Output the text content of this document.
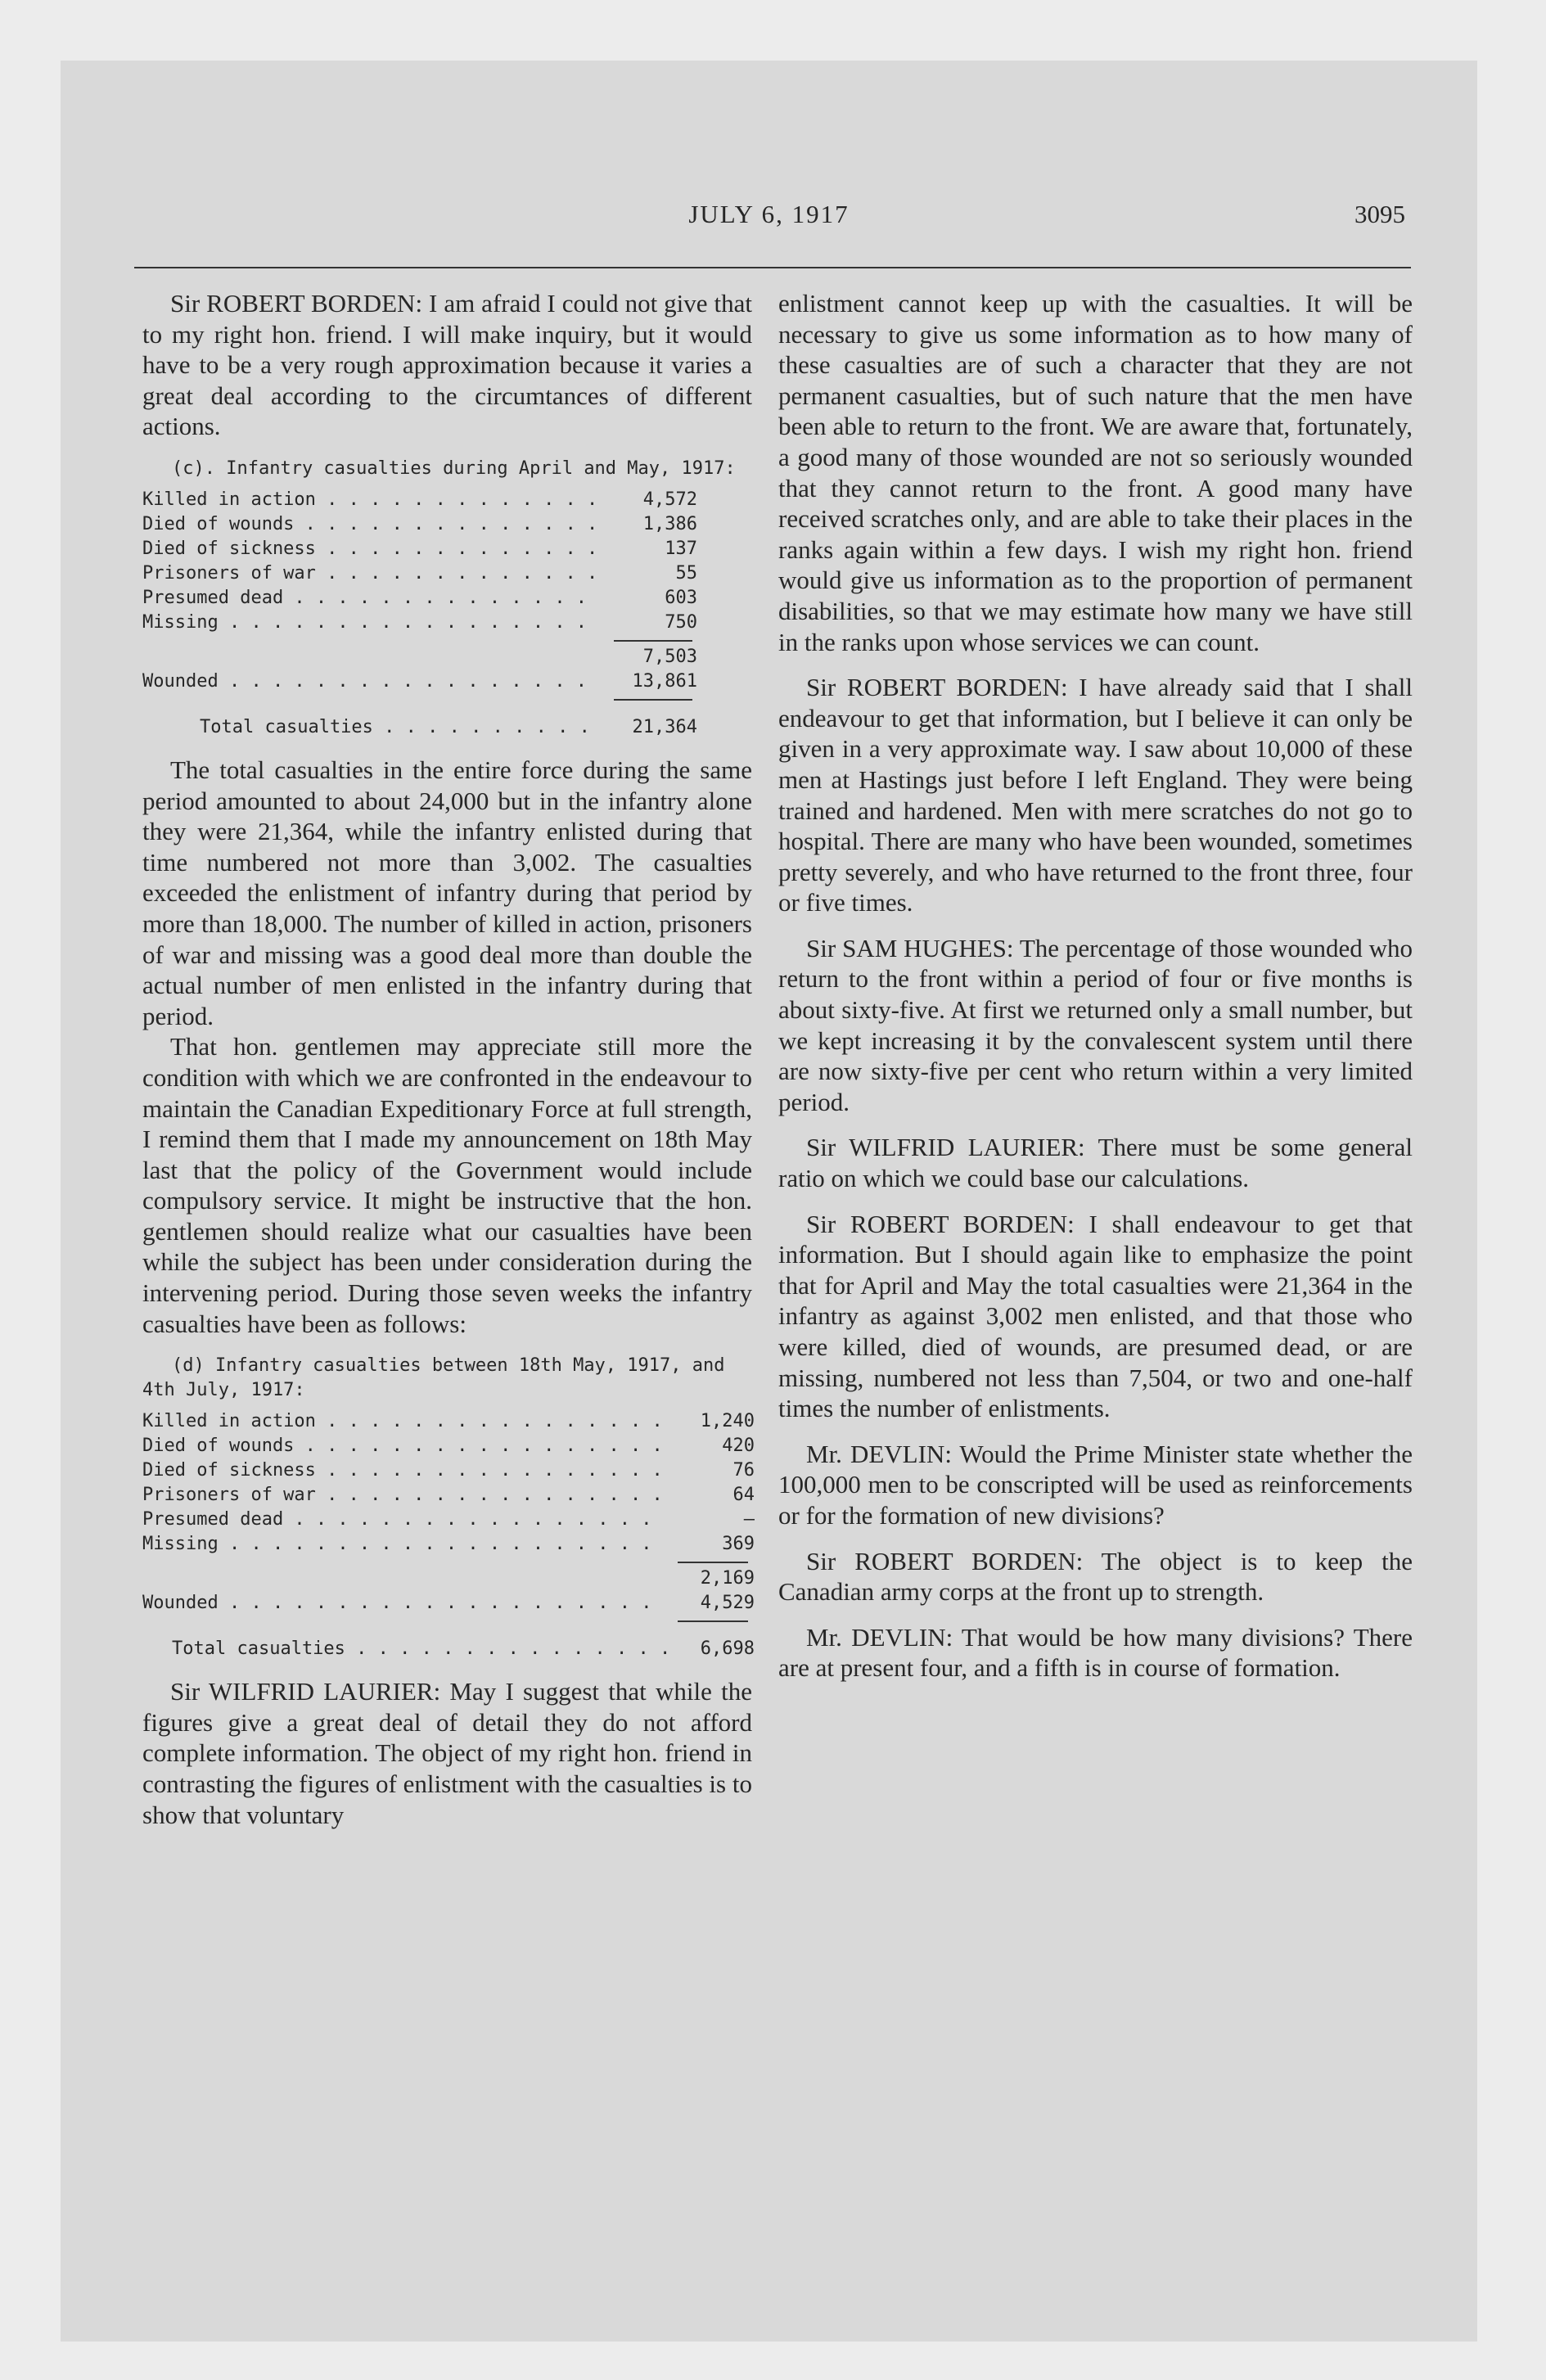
JULY 6, 1917	3095

Sir ROBERT BORDEN: I am afraid I could not give that to my right hon. friend. I will make inquiry, but it would have to be a very rough approximation because it varies a great deal according to the circumtances of different actions.

(c). Infantry casualties during April and May, 1917:
Killed in action . . .	4,572
Died of wounds . . .	1,386
Died of sickness . . .	137
Prisoners of war . . .	55
Presumed dead . . .	603
Missing . . .	750
7,503
Wounded . . .	13,861
Total casualties . . .	21,364

The total casualties in the entire force during the same period amounted to about 24,000 but in the infantry alone they were 21,364, while the infantry enlisted during that time numbered not more than 3,002. The casualties exceeded the enlistment of infantry during that period by more than 18,000. The number of killed in action, prisoners of war and missing was a good deal more than double the actual number of men enlisted in the infantry during that period.

That hon. gentlemen may appreciate still more the condition with which we are confronted in the endeavour to maintain the Canadian Expeditionary Force at full strength, I remind them that I made my announcement on 18th May last that the policy of the Government would include compulsory service. It might be instructive that the hon. gentlemen should realize what our casualties have been while the subject has been under consideration during the intervening period. During those seven weeks the infantry casualties have been as follows:

(d) Infantry casualties between 18th May, 1917, and 4th July, 1917:
Killed in action . . .	1,240
Died of wounds . . .	420
Died of sickness . . .	76
Prisoners of war . . .	64
Presumed dead . . .	—
Missing . . .	369
2,169
Wounded . . .	4,529
Total casualties . . .	6,698

Sir WILFRID LAURIER: May I suggest that while the figures give a great deal of detail they do not afford complete information. The object of my right hon. friend in contrasting the figures of enlistment with the casualties is to show that voluntary

enlistment cannot keep up with the casualties. It will be necessary to give us some information as to how many of these casualties are of such a character that they are not permanent casualties, but of such nature that the men have been able to return to the front. We are aware that, fortunately, a good many of those wounded are not so seriously wounded that they cannot return to the front. A good many have received scratches only, and are able to take their places in the ranks again within a few days. I wish my right hon. friend would give us information as to the proportion of permanent disabilities, so that we may estimate how many we have still in the ranks upon whose services we can count.

Sir ROBERT BORDEN: I have already said that I shall endeavour to get that information, but I believe it can only be given in a very approximate way. I saw about 10,000 of these men at Hastings just before I left England. They were being trained and hardened. Men with mere scratches do not go to hospital. There are many who have been wounded, sometimes pretty severely, and who have returned to the front three, four or five times.

Sir SAM HUGHES: The percentage of those wounded who return to the front within a period of four or five months is about sixty-five. At first we returned only a small number, but we kept increasing it by the convalescent system until there are now sixty-five per cent who return within a very limited period.

Sir WILFRID LAURIER: There must be some general ratio on which we could base our calculations.

Sir ROBERT BORDEN: I shall endeavour to get that information. But I should again like to emphasize the point that for April and May the total casualties were 21,364 in the infantry as against 3,002 men enlisted, and that those who were killed, died of wounds, are presumed dead, or are missing, numbered not less than 7,504, or two and one-half times the number of enlistments.

Mr. DEVLIN: Would the Prime Minister state whether the 100,000 men to be conscripted will be used as reinforcements or for the formation of new divisions?

Sir ROBERT BORDEN: The object is to keep the Canadian army corps at the front up to strength.

Mr. DEVLIN: That would be how many divisions? There are at present four, and a fifth is in course of formation.
